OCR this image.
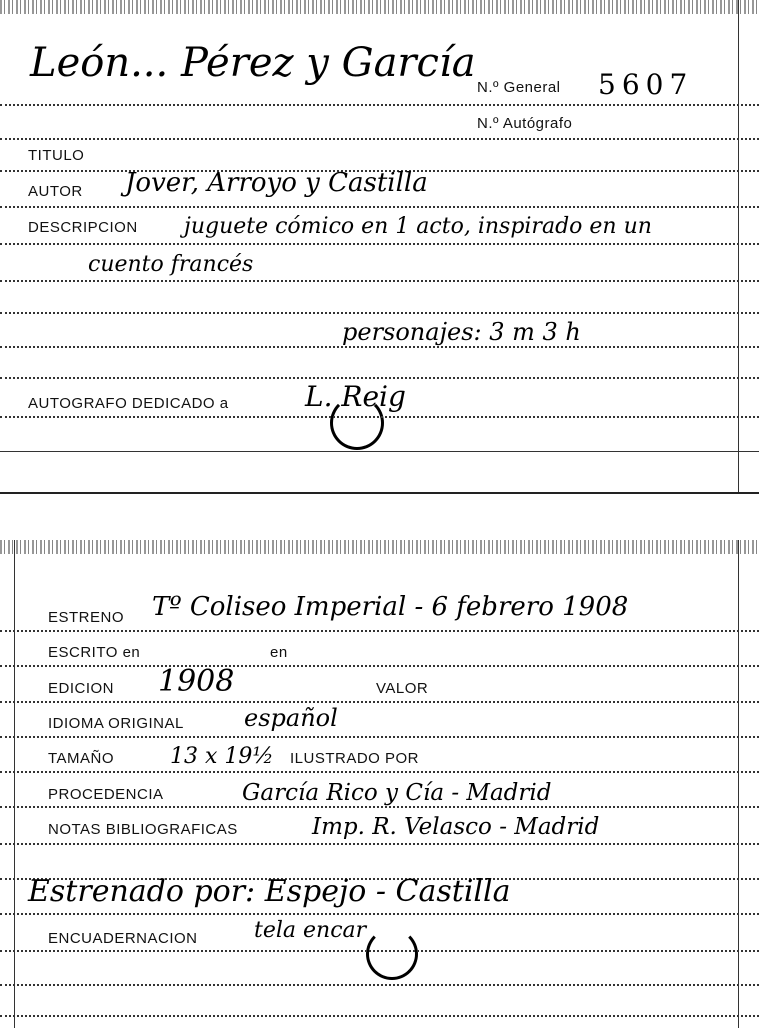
León... Pérez y García
N.º General 5607
N.º Autógrafo
TITULO
AUTOR Jover, Arroyo y Castilla
DESCRIPCION juguete cómico en 1 acto, inspirado en un
cuento francés
personajes: 3 m 3 h
AUTOGRAFO DEDICADO a	L. Reig
ESTRENO Tº Coliseo Imperial - 6 febrero 1908
ESCRITO en	en
EDICION 1908	VALOR
IDIOMA ORIGINAL	español
TAMAÑO	13 x 19½ ILUSTRADO POR
PROCEDENCIA	García Rico y Cía - Madrid
NOTAS BIBLIOGRAFICAS	Imp. R. Velasco - Madrid
Estrenado por: Espejo - Castilla
ENCUADERNACION	tela encar
